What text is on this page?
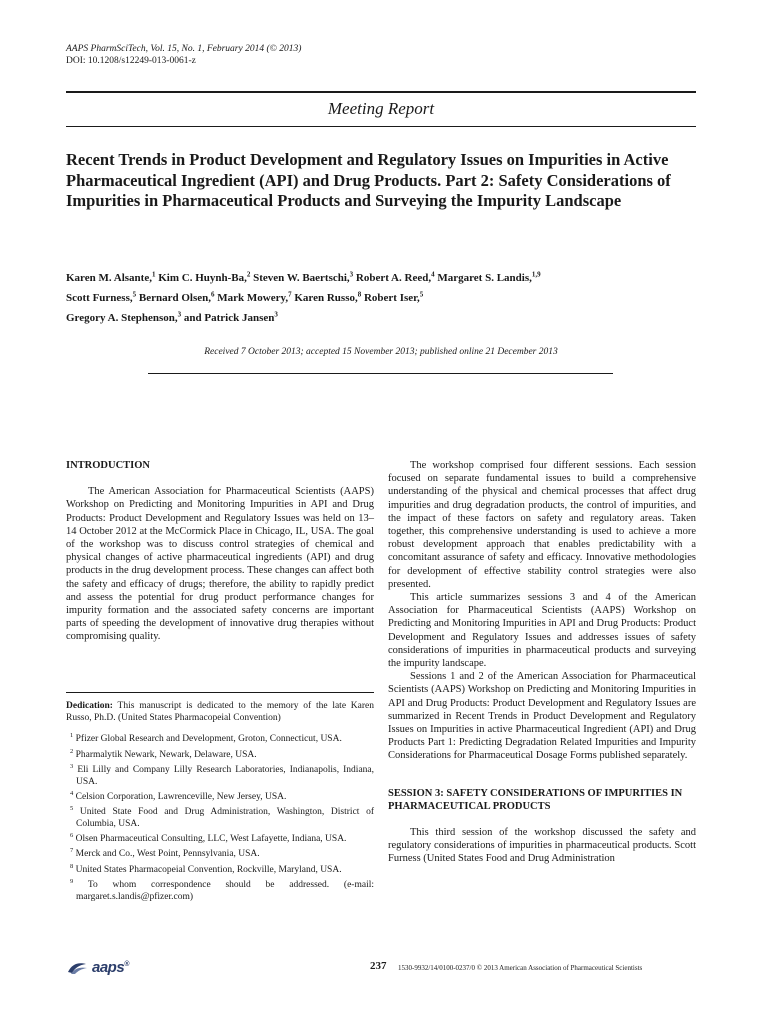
AAPS PharmSciTech, Vol. 15, No. 1, February 2014 (© 2013)
DOI: 10.1208/s12249-013-0061-z
Meeting Report
Recent Trends in Product Development and Regulatory Issues on Impurities in Active Pharmaceutical Ingredient (API) and Drug Products. Part 2: Safety Considerations of Impurities in Pharmaceutical Products and Surveying the Impurity Landscape
Karen M. Alsante,$^1$ Kim C. Huynh-Ba,$^2$ Steven W. Baertschi,$^3$ Robert A. Reed,$^4$ Margaret S. Landis,$^{1,9}$
Scott Furness,$^5$ Bernard Olsen,$^6$ Mark Mowery,$^7$ Karen Russo,$^8$ Robert Iser,$^5$
Gregory A. Stephenson,$^3$ and Patrick Jansen$^3$
Received 7 October 2013; accepted 15 November 2013; published online 21 December 2013

INTRODUCTION

The American Association for Pharmaceutical Scientists (AAPS) Workshop on Predicting and Monitoring Impurities in API and Drug Products: Product Development and Regulatory Issues was held on 13–14 October 2012 at the McCormick Place in Chicago, IL, USA. The goal of the workshop was to discuss control strategies of chemical and physical changes of active pharmaceutical ingredients (API) and drug products in the drug development process. These changes can affect both the safety and efficacy of drugs; therefore, the ability to rapidly predict and assess the potential for drug product performance changes for impurity formation and the associated safety concerns are important parts of speeding the development of innovative drug therapies without compromising quality.

Dedication: This manuscript is dedicated to the memory of the late Karen Russo, Ph.D. (United States Pharmacopeial Convention)

$^1$ Pfizer Global Research and Development, Groton, Connecticut, USA.

$^2$ Pharmalytik Newark, Newark, Delaware, USA.

$^3$ Eli Lilly and Company Lilly Research Laboratories, Indianapolis, Indiana, USA.

$^4$ Celsion Corporation, Lawrenceville, New Jersey, USA.

$^5$ United State Food and Drug Administration, Washington, District of Columbia, USA.

$^6$ Olsen Pharmaceutical Consulting, LLC, West Lafayette, Indiana, USA.

$^7$ Merck and Co., West Point, Pennsylvania, USA.

$^8$ United States Pharmacopeial Convention, Rockville, Maryland, USA.

$^9$ To whom correspondence should be addressed. (e-mail: margaret.s.landis@pfizer.com)

The workshop comprised four different sessions. Each session focused on separate fundamental issues to build a comprehensive understanding of the physical and chemical processes that affect drug impurities and drug degradation products, the control of impurities, and the impact of these factors on safety and regulatory areas. Taken together, this comprehensive understanding is used to achieve a more robust development approach that enables predictability with a concomitant assurance of safety and efficacy. Innovative methodologies for development of effective stability control strategies were also presented.

This article summarizes sessions 3 and 4 of the American Association for Pharmaceutical Scientists (AAPS) Workshop on Predicting and Monitoring Impurities in API and Drug Products: Product Development and Regulatory Issues and addresses issues of safety considerations of impurities in pharmaceutical products and surveying the impurity landscape.

Sessions 1 and 2 of the American Association for Pharmaceutical Scientists (AAPS) Workshop on Predicting and Monitoring Impurities in API and Drug Products: Product Development and Regulatory Issues are summarized in Recent Trends in Product Development and Regulatory Issues on Impurities in active Pharmaceutical Ingredient (API) and Drug Products Part 1: Predicting Degradation Related Impurities and Impurity Considerations for Pharmaceutical Dosage Forms published separately.

SESSION 3: SAFETY CONSIDERATIONS OF IMPURITIES IN PHARMACEUTICAL PRODUCTS

This third session of the workshop discussed the safety and regulatory considerations of impurities in pharmaceutical products. Scott Furness (United States Food and Drug Administration

aaps®	237 1530-9932/14/0100-0237/0 © 2013 American Association of Pharmaceutical Scientists
